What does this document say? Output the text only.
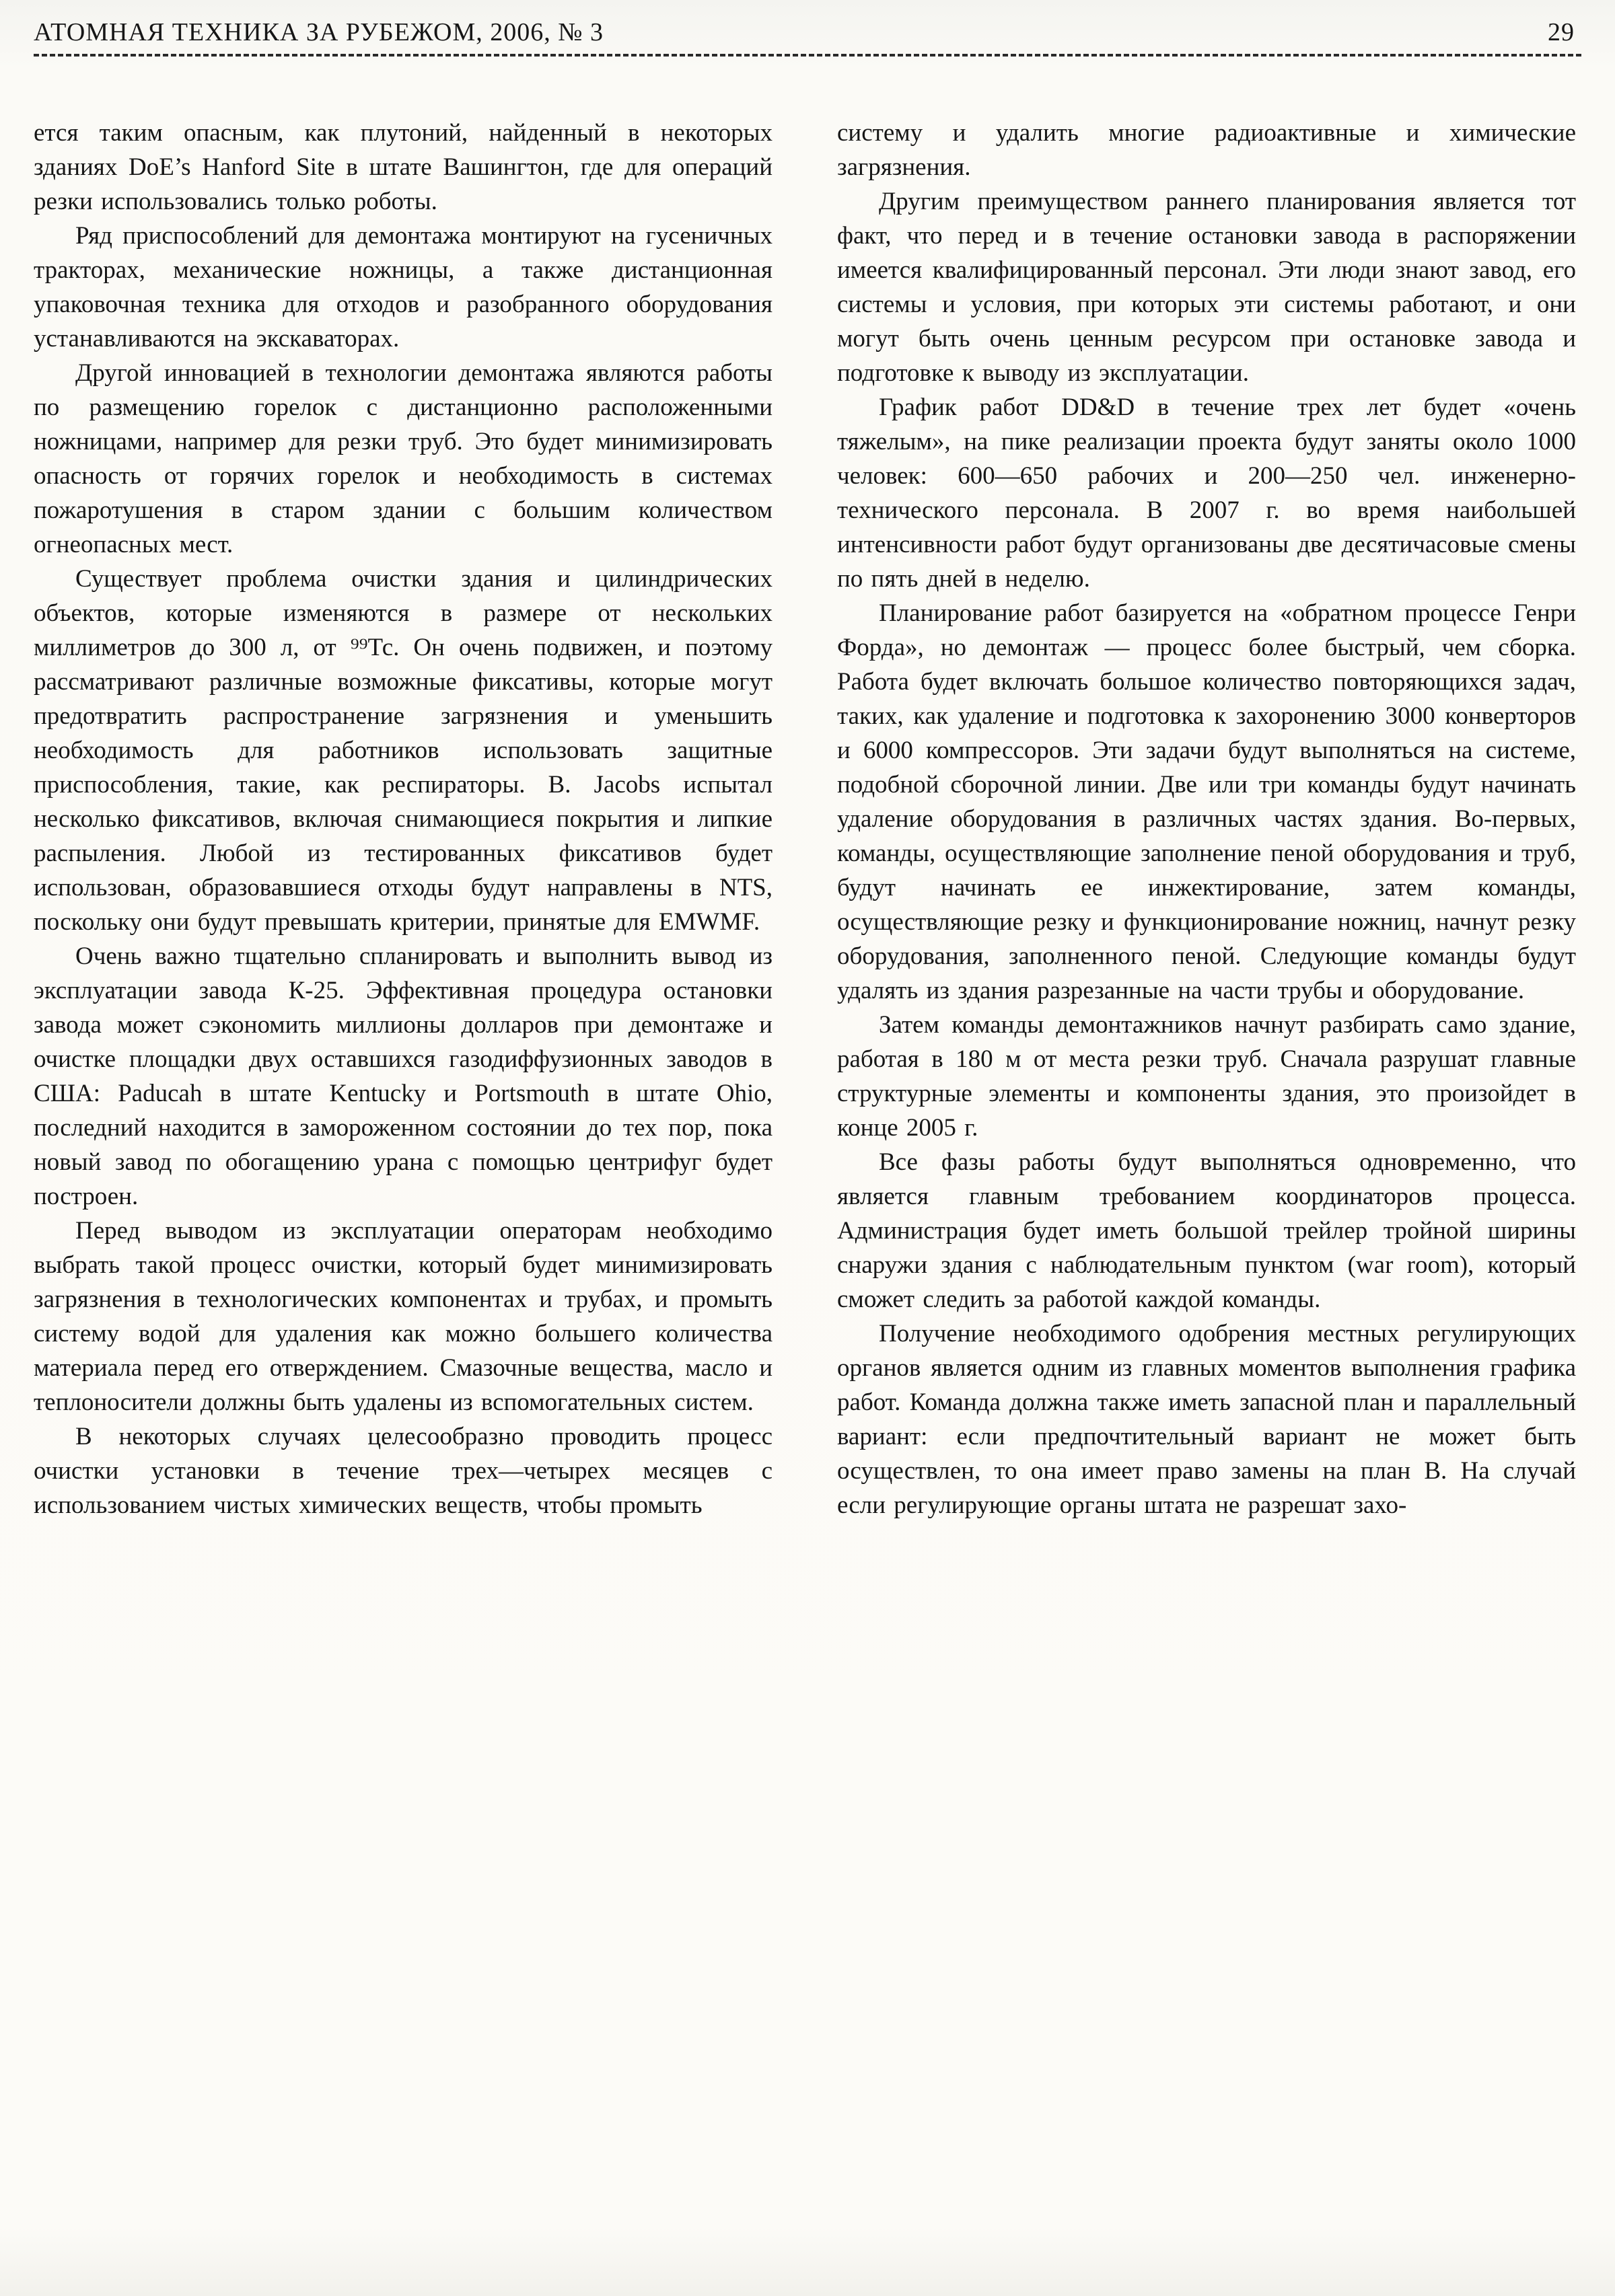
АТОМНАЯ ТЕХНИКА ЗА РУБЕЖОМ, 2006, № 3	29

ется таким опасным, как плутоний, найденный в некоторых зданиях DoE’s Hanford Site в штате Вашингтон, где для операций резки использовались только роботы.

Ряд приспособлений для демонтажа монтируют на гусеничных тракторах, механические ножницы, а также дистанционная упаковочная техника для отходов и разобранного оборудования устанавливаются на экскаваторах.

Другой инновацией в технологии демонтажа являются работы по размещению горелок с дистанционно расположенными ножницами, например для резки труб. Это будет минимизировать опасность от горячих горелок и необходимость в системах пожаротушения в старом здании с большим количеством огнеопасных мест.

Существует проблема очистки здания и цилиндрических объектов, которые изменяются в размере от нескольких миллиметров до 300 л, от ⁹⁹Тс. Он очень подвижен, и поэтому рассматривают различные возможные фиксативы, которые могут предотвратить распространение загрязнения и уменьшить необходимость для работников использовать защитные приспособления, такие, как респираторы. В. Jacobs испытал несколько фиксативов, включая снимающиеся покрытия и липкие распыления. Любой из тестированных фиксативов будет использован, образовавшиеся отходы будут направлены в NTS, поскольку они будут превышать критерии, принятые для EMWMF.

Очень важно тщательно спланировать и выполнить вывод из эксплуатации завода К-25. Эффективная процедура остановки завода может сэкономить миллионы долларов при демонтаже и очистке площадки двух оставшихся газодиффузионных заводов в США: Paducah в штате Kentucky и Portsmouth в штате Ohio, последний находится в замороженном состоянии до тех пор, пока новый завод по обогащению урана с помощью центрифуг будет построен.

Перед выводом из эксплуатации операторам необходимо выбрать такой процесс очистки, который будет минимизировать загрязнения в технологических компонентах и трубах, и промыть систему водой для удаления как можно большего количества материала перед его отверждением. Смазочные вещества, масло и теплоносители должны быть удалены из вспомогательных систем.

В некоторых случаях целесообразно проводить процесс очистки установки в течение трех—четырех месяцев с использованием чистых химических веществ, чтобы промыть

систему и удалить многие радиоактивные и химические загрязнения.

Другим преимуществом раннего планирования является тот факт, что перед и в течение остановки завода в распоряжении имеется квалифицированный персонал. Эти люди знают завод, его системы и условия, при которых эти системы работают, и они могут быть очень ценным ресурсом при остановке завода и подготовке к выводу из эксплуатации.

График работ DD&D в течение трех лет будет «очень тяжелым», на пике реализации проекта будут заняты около 1000 человек: 600—650 рабочих и 200—250 чел. инженерно-технического персонала. В 2007 г. во время наибольшей интенсивности работ будут организованы две десятичасовые смены по пять дней в неделю.

Планирование работ базируется на «обратном процессе Генри Форда», но демонтаж — процесс более быстрый, чем сборка. Работа будет включать большое количество повторяющихся задач, таких, как удаление и подготовка к захоронению 3000 конверторов и 6000 компрессоров. Эти задачи будут выполняться на системе, подобной сборочной линии. Две или три команды будут начинать удаление оборудования в различных частях здания. Во-первых, команды, осуществляющие заполнение пеной оборудования и труб, будут начинать ее инжектирование, затем команды, осуществляющие резку и функционирование ножниц, начнут резку оборудования, заполненного пеной. Следующие команды будут удалять из здания разрезанные на части трубы и оборудование.

Затем команды демонтажников начнут разбирать само здание, работая в 180 м от места резки труб. Сначала разрушат главные структурные элементы и компоненты здания, это произойдет в конце 2005 г.

Все фазы работы будут выполняться одновременно, что является главным требованием координаторов процесса. Администрация будет иметь большой трейлер тройной ширины снаружи здания с наблюдательным пунктом (war room), который сможет следить за работой каждой команды.

Получение необходимого одобрения местных регулирующих органов является одним из главных моментов выполнения графика работ. Команда должна также иметь запасной план и параллельный вариант: если предпочтительный вариант не может быть осуществлен, то она имеет право замены на план В. На случай если регулирующие органы штата не разрешат захо-
